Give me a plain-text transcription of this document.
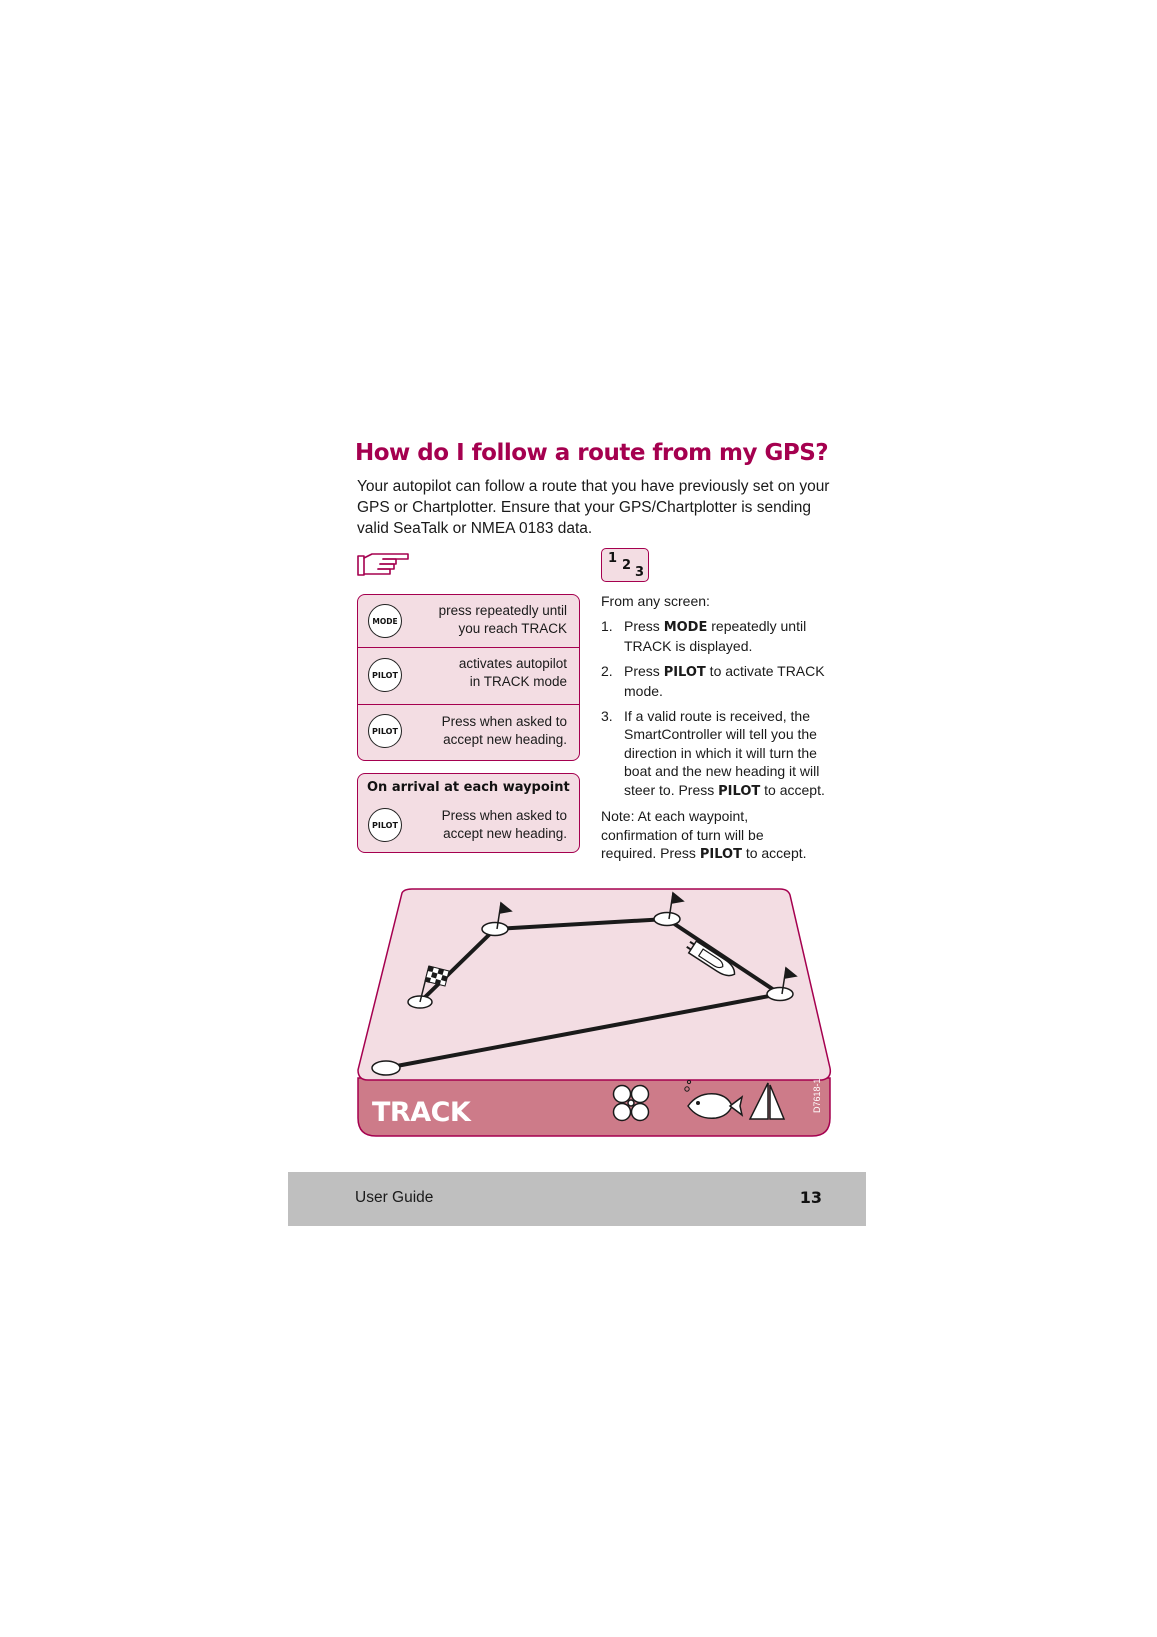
How do I follow a route from my GPS?
Your autopilot can follow a route that you have previously set on your GPS or Chartplotter. Ensure that your GPS/Chartplotter is sending valid SeaTalk or NMEA 0183 data.
1 2 3
MODE
press repeatedly until
you reach TRACK
PILOT
activates autopilot
in TRACK mode
PILOT
Press when asked to
accept new heading.
On arrival at each waypoint
PILOT
Press when asked to
accept new heading.

From any screen:

1. Press MODE repeatedly until TRACK is displayed.
2. Press PILOT to activate TRACK mode.
3. If a valid route is received, the SmartController will tell you the direction in which it will turn the boat and the new heading it will steer to. Press PILOT to accept.

Note: At each waypoint, confirmation of turn will be required. Press PILOT to accept.

TRACK	D7618-1
User Guide	13
